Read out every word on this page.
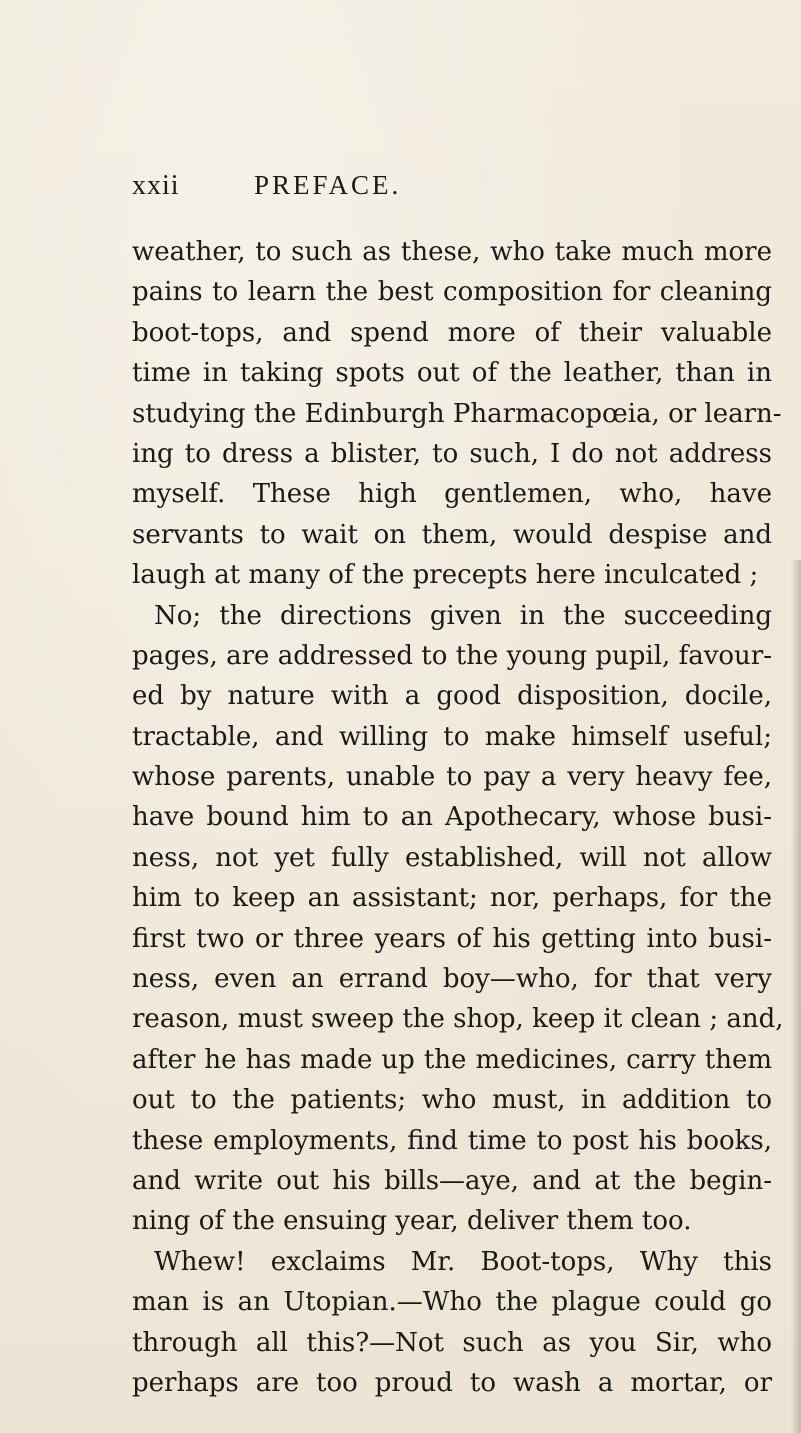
xxii	PREFACE.
weather, to such as these, who take much more
pains to learn the best composition for cleaning
boot-tops, and spend more of their valuable
time in taking spots out of the leather, than in
studying the Edinburgh Pharmacopœia, or learn-
ing to dress a blister, to such, I do not address
myself. These high gentlemen, who, have
servants to wait on them, would despise and
laugh at many of the precepts here inculcated ;
No; the directions given in the succeeding
pages, are addressed to the young pupil, favour-
ed by nature with a good disposition, docile,
tractable, and willing to make himself useful;
whose parents, unable to pay a very heavy fee,
have bound him to an Apothecary, whose busi-
ness, not yet fully established, will not allow
him to keep an assistant; nor, perhaps, for the
first two or three years of his getting into busi-
ness, even an errand boy—who, for that very
reason, must sweep the shop, keep it clean ; and,
after he has made up the medicines, carry them
out to the patients; who must, in addition to
these employments, find time to post his books,
and write out his bills—aye, and at the begin-
ning of the ensuing year, deliver them too.
Whew! exclaims Mr. Boot-tops, Why this
man is an Utopian.—Who the plague could go
through all this?—Not such as you Sir, who
perhaps are too proud to wash a mortar, or
